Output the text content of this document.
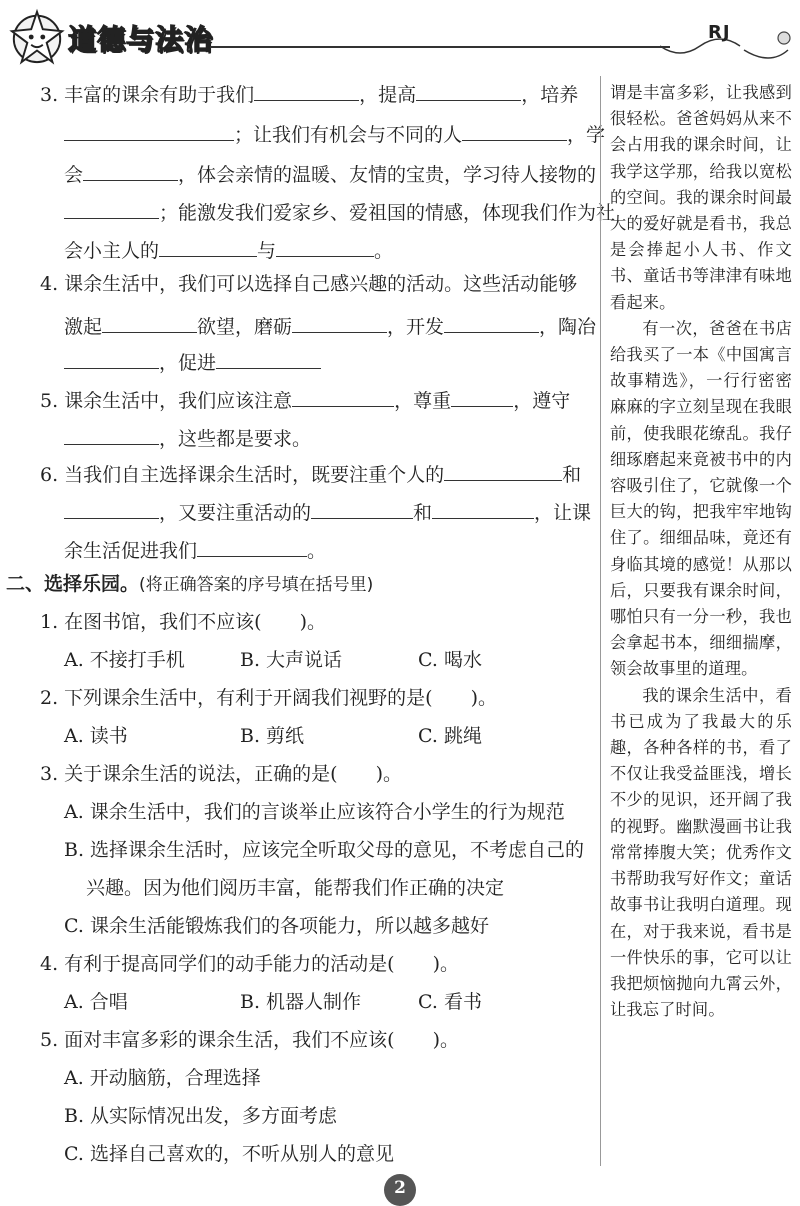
道德与法治	RJ
3. 丰富的课余有助于我们	，提高	，培养
；让我们有机会与不同的人	，学
会	，体会亲情的温暖、友情的宝贵，学习待人接物的
；能激发我们爱家乡、爱祖国的情感，体现我们作为社
会小主人的	与	。
4. 课余生活中，我们可以选择自己感兴趣的活动。这些活动能够
激起	欲望，磨砺	，开发	，陶冶
，促进
5. 课余生活中，我们应该注意	，尊重	，遵守
，这些都是要求。
6. 当我们自主选择课余生活时，既要注重个人的	和
，又要注重活动的	和	，让课
余生活促进我们	。
二、选择乐园。(将正确答案的序号填在括号里)
1. 在图书馆，我们不应该(　　)。
A. 不接打手机	B. 大声说话	C. 喝水
2. 下列课余生活中，有利于开阔我们视野的是(　　)。
A. 读书	B. 剪纸	C. 跳绳
3. 关于课余生活的说法，正确的是(　　)。
A. 课余生活中，我们的言谈举止应该符合小学生的行为规范
B. 选择课余生活时，应该完全听取父母的意见，不考虑自己的
兴趣。因为他们阅历丰富，能帮我们作正确的决定
C. 课余生活能锻炼我们的各项能力，所以越多越好
4. 有利于提高同学们的动手能力的活动是(　　)。
A. 合唱	B. 机器人制作	C. 看书
5. 面对丰富多彩的课余生活，我们不应该(　　)。
A. 开动脑筋，合理选择
B. 从实际情况出发，多方面考虑
C. 选择自己喜欢的，不听从别人的意见

谓是丰富多彩，让我感到很轻松。爸爸妈妈从来不会占用我的课余时间，让我学这学那，给我以宽松的空间。我的课余时间最大的爱好就是看书，我总是会捧起小人书、作文书、童话书等津津有味地看起来。

有一次，爸爸在书店给我买了一本《中国寓言故事精选》，一行行密密麻麻的字立刻呈现在我眼前，使我眼花缭乱。我仔细琢磨起来竟被书中的内容吸引住了，它就像一个巨大的钩，把我牢牢地钩住了。细细品味，竟还有身临其境的感觉！从那以后，只要我有课余时间，哪怕只有一分一秒，我也会拿起书本，细细揣摩，领会故事里的道理。

我的课余生活中，看书已成为了我最大的乐趣，各种各样的书，看了不仅让我受益匪浅，增长不少的见识，还开阔了我的视野。幽默漫画书让我常常捧腹大笑；优秀作文书帮助我写好作文；童话故事书让我明白道理。现在，对于我来说，看书是一件快乐的事，它可以让我把烦恼抛向九霄云外，让我忘了时间。

2
